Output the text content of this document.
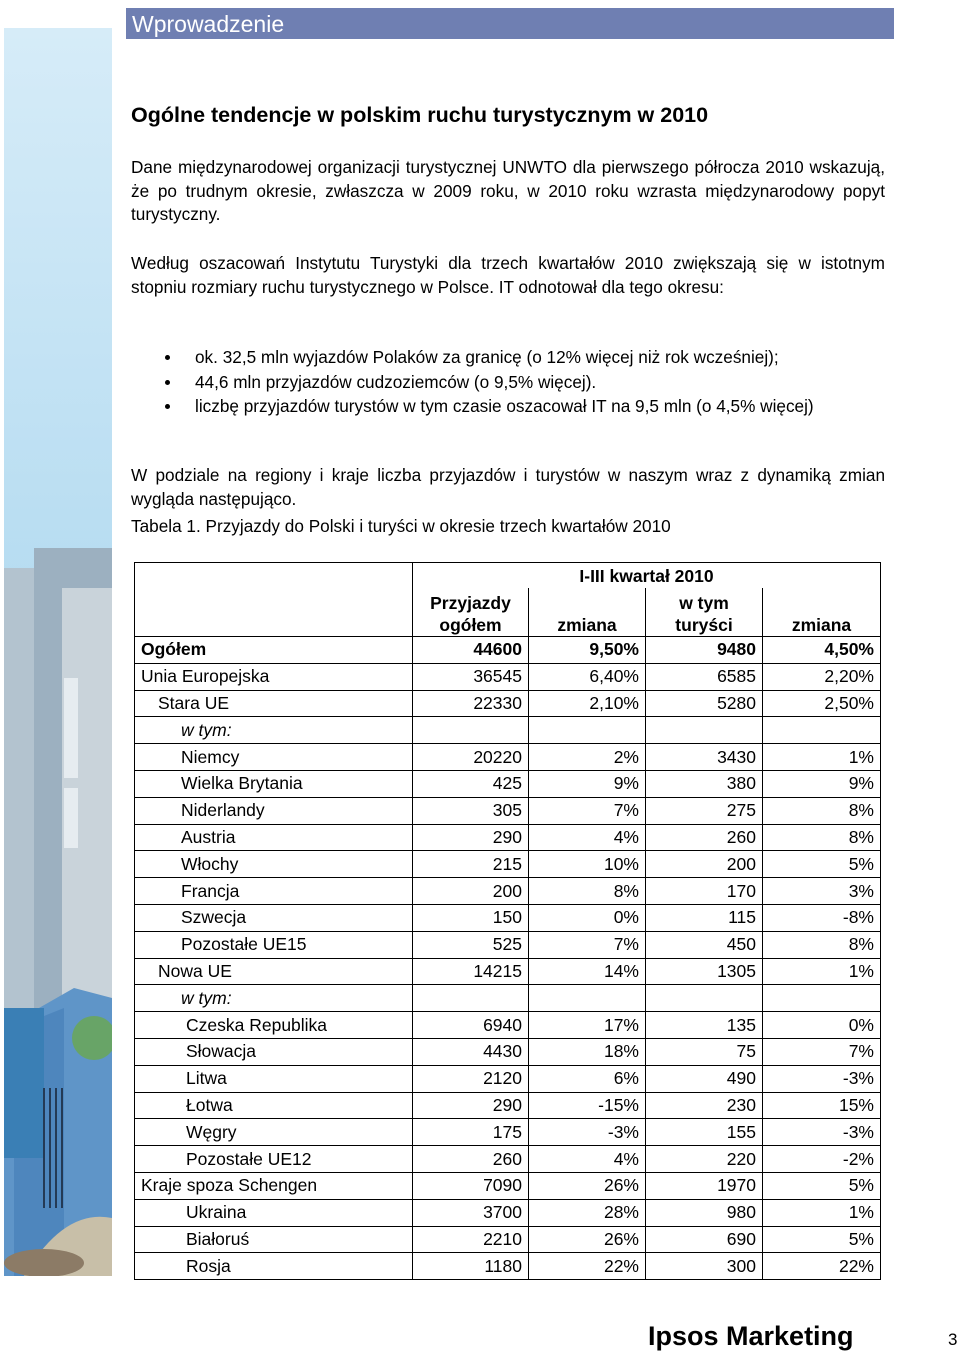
Wprowadzenie
Ogólne tendencje w polskim ruchu turystycznym w 2010

Dane międzynarodowej organizacji turystycznej UNWTO dla pierwszego półrocza 2010 wskazują, że po trudnym okresie, zwłaszcza w 2009 roku, w 2010 roku wzrasta międzynarodowy popyt turystyczny.

Według oszacowań Instytutu Turystyki dla trzech kwartałów 2010 zwiększają się w istotnym stopniu rozmiary ruchu turystycznego w Polsce. IT odnotował dla tego okresu:

ok. 32,5 mln wyjazdów Polaków za granicę (o 12% więcej niż rok wcześniej);
44,6 mln przyjazdów cudzoziemców (o 9,5% więcej).
liczbę przyjazdów turystów w tym czasie oszacował IT na 9,5 mln (o 4,5% więcej)

W podziale na regiony i kraje liczba przyjazdów i turystów w naszym wraz z dynamiką zmian wygląda następująco.

Tabela 1. Przyjazdy do Polski i turyści w okresie trzech kwartałów 2010

	I-III kwartał 2010			
	Przyjazdy ogółem	zmiana	w tym turyści	zmiana
Ogółem	44600	9,50%	9480	4,50%
Unia Europejska	36545	6,40%	6585	2,20%
Stara UE	22330	2,10%	5280	2,50%
w tym:				
Niemcy	20220	2%	3430	1%
Wielka Brytania	425	9%	380	9%
Niderlandy	305	7%	275	8%
Austria	290	4%	260	8%
Włochy	215	10%	200	5%
Francja	200	8%	170	3%
Szwecja	150	0%	115	-8%
Pozostałe UE15	525	7%	450	8%
Nowa UE	14215	14%	1305	1%
w tym:				
Czeska Republika	6940	17%	135	0%
Słowacja	4430	18%	75	7%
Litwa	2120	6%	490	-3%
Łotwa	290	-15%	230	15%
Węgry	175	-3%	155	-3%
Pozostałe UE12	260	4%	220	-2%
Kraje spoza Schengen	7090	26%	1970	5%
Ukraina	3700	28%	980	1%
Białoruś	2210	26%	690	5%
Rosja	1180	22%	300	22%
Ipsos Marketing	3
